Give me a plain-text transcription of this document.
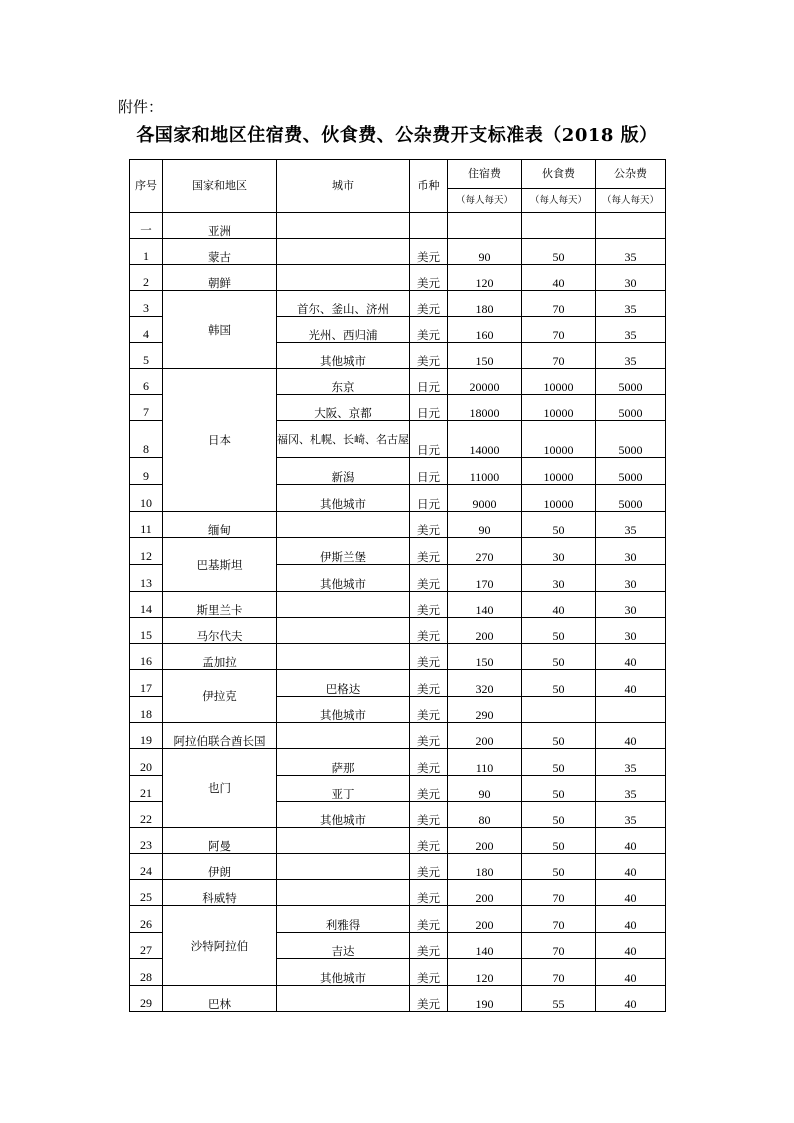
附件：
各国家和地区住宿费、伙食费、公杂费开支标准表（2018 版）
序号	国家和地区	城市	币种	住宿费	伙食费	公杂费
				（每人每天）	（每人每天）	（每人每天）
一	亚洲					
1	蒙古		美元	90	50	35
2	朝鲜		美元	120	40	30
3	韩国	首尔、釜山、济州	美元	180	70	35
4		光州、西归浦	美元	160	70	35
5		其他城市	美元	150	70	35
6	日本	东京	日元	20000	10000	5000
7		大阪、京都	日元	18000	10000	5000
8		福冈、札幌、长崎、名古屋	日元	14000	10000	5000
9		新潟	日元	11000	10000	5000
10		其他城市	日元	9000	10000	5000
11	缅甸		美元	90	50	35
12	巴基斯坦	伊斯兰堡	美元	270	30	30
13		其他城市	美元	170	30	30
14	斯里兰卡		美元	140	40	30
15	马尔代夫		美元	200	50	30
16	孟加拉		美元	150	50	40
17	伊拉克	巴格达	美元	320	50	40
18		其他城市	美元	290		
19	阿拉伯联合酋长国		美元	200	50	40
20	也门	萨那	美元	110	50	35
21		亚丁	美元	90	50	35
22		其他城市	美元	80	50	35
23	阿曼		美元	200	50	40
24	伊朗		美元	180	50	40
25	科威特		美元	200	70	40
26	沙特阿拉伯	利雅得	美元	200	70	40
27		吉达	美元	140	70	40
28		其他城市	美元	120	70	40
29	巴林		美元	190	55	40
